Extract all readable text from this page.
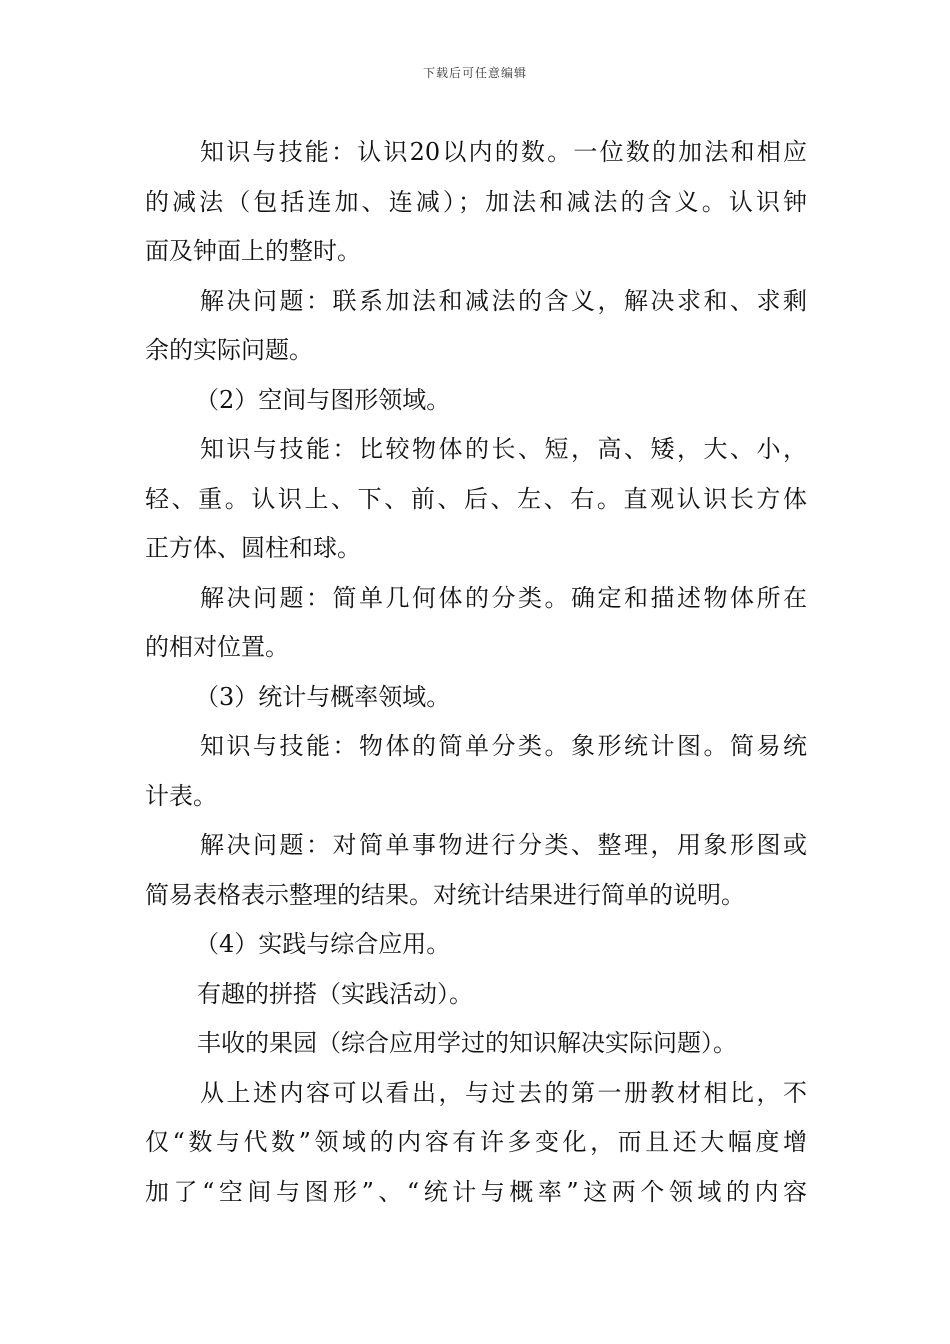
下载后可任意编辑
知识与技能：认识20以内的数。一位数的加法和相应
的减法（包括连加、连减）；加法和减法的含义。认识钟
面及钟面上的整时。
解决问题：联系加法和减法的含义，解决求和、求剩
余的实际问题。
（2）空间与图形领域。
知识与技能：比较物体的长、短，高、矮，大、小，
轻、重。认识上、下、前、后、左、右。直观认识长方体
正方体、圆柱和球。
解决问题：简单几何体的分类。确定和描述物体所在
的相对位置。
（3）统计与概率领域。
知识与技能：物体的简单分类。象形统计图。简易统
计表。
解决问题：对简单事物进行分类、整理，用象形图或
简易表格表示整理的结果。对统计结果进行简单的说明。
（4）实践与综合应用。
有趣的拼搭（实践活动）。
丰收的果园（综合应用学过的知识解决实际问题）。
从上述内容可以看出，与过去的第一册教材相比，不
仅“数与代数”领域的内容有许多变化，而且还大幅度增
加了“空间与图形”、“统计与概率”这两个领域的内容
